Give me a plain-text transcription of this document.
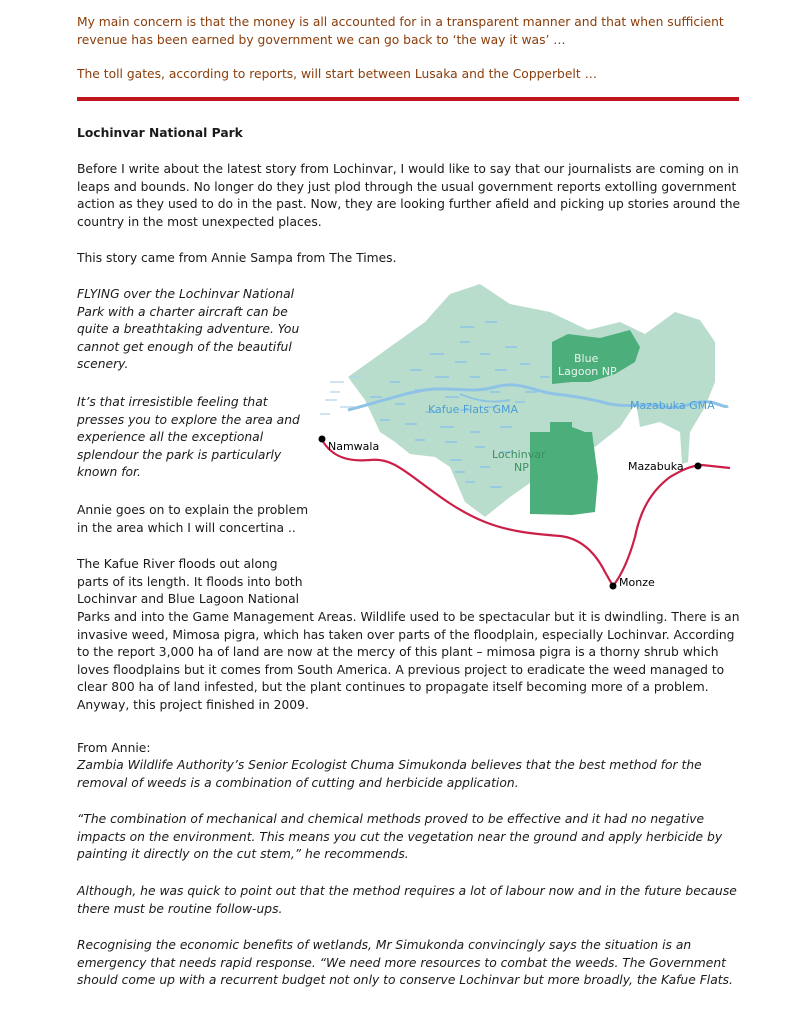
My main concern is that the money is all accounted for in a transparent manner and that when sufficient revenue has been earned by government we can go back to ‘the way it was’ …

The toll gates, according to reports, will start between Lusaka and the Copperbelt …

Lochinvar National Park

Before I write about the latest story from Lochinvar, I would like to say that our journalists are coming on in leaps and bounds. No longer do they just plod through the usual government reports extolling government action as they used to do in the past. Now, they are looking further afield and picking up stories around the country in the most unexpected places.

This story came from Annie Sampa from The Times.

FLYING over the Lochinvar National Park with a charter aircraft can be quite a breathtaking adventure. You cannot get enough of the beautiful scenery.

It’s that irresistible feeling that presses you to explore the area and experience all the exceptional splendour the park is particularly known for.

Annie goes on to explain the problem in the area which I will concertina ..

The Kafue River floods out along parts of its length. It floods into both Lochinvar and Blue Lagoon National

Parks and into the Game Management Areas. Wildlife used to be spectacular but it is dwindling. There is an invasive weed, Mimosa pigra, which has taken over parts of the floodplain, especially Lochinvar. According to the report 3,000 ha of land are now at the mercy of this plant – mimosa pigra is a thorny shrub which loves floodplains but it comes from South America. A previous project to eradicate the weed managed to clear 800 ha of land infested, but the plant continues to propagate itself becoming more of a problem. Anyway, this project finished in 2009.

From Annie:

Zambia Wildlife Authority’s Senior Ecologist Chuma Simukonda believes that the best method for the removal of weeds is a combination of cutting and herbicide application.

“The combination of mechanical and chemical methods proved to be effective and it had no negative impacts on the environment. This means you cut the vegetation near the ground and apply herbicide by painting it directly on the cut stem,” he recommends.

Although, he was quick to point out that the method requires a lot of labour now and in the future because there must be routine follow-ups.

Recognising the economic benefits of wetlands, Mr Simukonda convincingly says the situation is an emergency that needs rapid response. “We need more resources to combat the weeds. The Government should come up with a recurrent budget not only to conserve Lochinvar but more broadly, the Kafue Flats.

Blue
Lagoon NP
Kafue Flats GMA	Mazabuka GMA
Lochinvar
NP
Namwala
Mazabuka
Monze
